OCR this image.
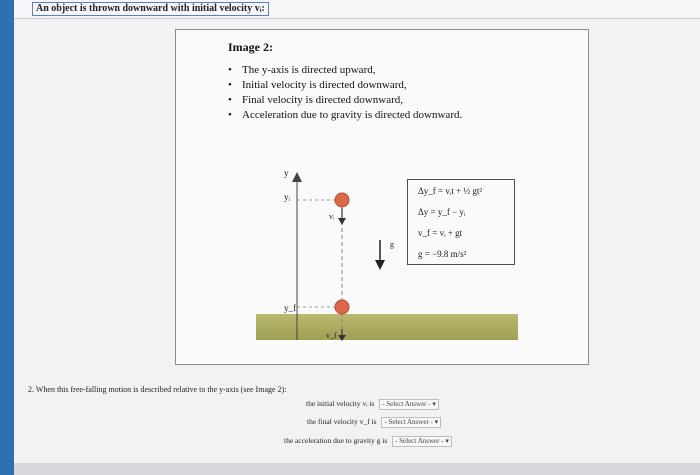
An object is thrown downward with initial velocity vᵢ:
Image 2:
• The y-axis is directed upward,
• Initial velocity is directed downward,
• Final velocity is directed downward,
• Acceleration due to gravity is directed downward.
y
yᵢ
y_f
vᵢ
v_f
g
Δy_f = vᵢt + ½ gt²
Δy = y_f − yᵢ
v_f = vᵢ + gt
g = −9.8 m/s²
2. When this free-falling motion is described relative to the y-axis (see Image 2):
the initial velocity vᵢ is - Select Answer - ▾
the final velocity v_f is - Select Answer - ▾
the acceleration due to gravity g is - Select Answer - ▾
